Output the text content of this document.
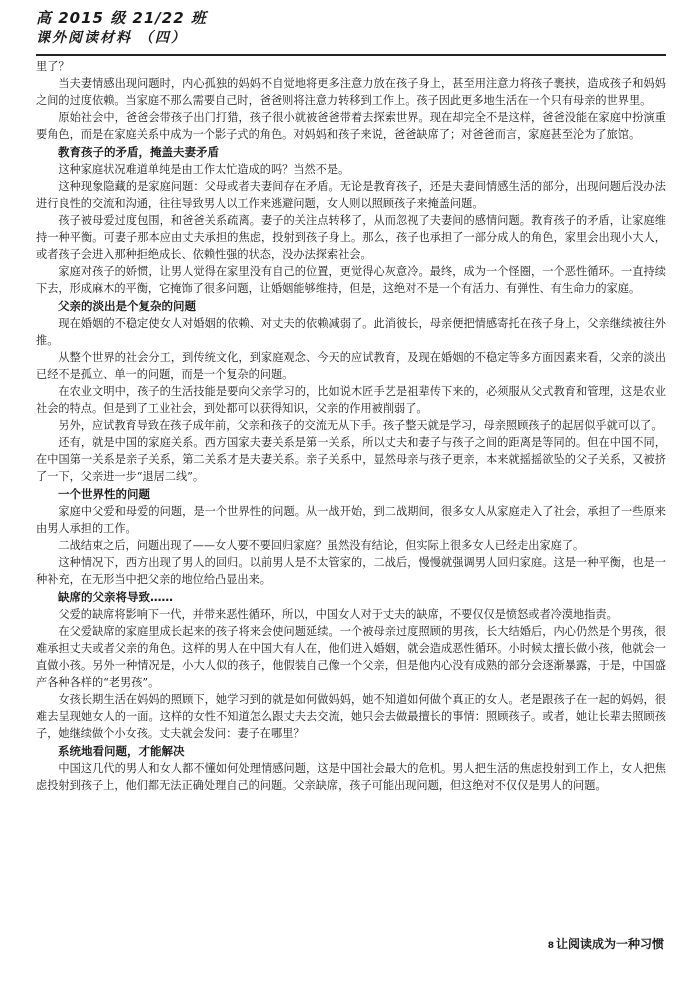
高 2015 级 21/22 班
课外阅读材料 （四）

里了？

当夫妻情感出现问题时，内心孤独的妈妈不自觉地将更多注意力放在孩子身上，甚至用注意力将孩子裹挟，造成孩子和妈妈之间的过度依赖。当家庭不那么需要自己时，爸爸则将注意力转移到工作上。孩子因此更多地生活在一个只有母亲的世界里。

原始社会中，爸爸会带孩子出门打猎，孩子很小就被爸爸带着去探索世界。现在却完全不是这样，爸爸没能在家庭中扮演重要角色，而是在家庭关系中成为一个影子式的角色。对妈妈和孩子来说，爸爸缺席了；对爸爸而言，家庭甚至沦为了旅馆。

教育孩子的矛盾，掩盖夫妻矛盾

这种家庭状况难道单纯是由工作太忙造成的吗？当然不是。

这种现象隐藏的是家庭问题：父母或者夫妻间存在矛盾。无论是教育孩子，还是夫妻间情感生活的部分，出现问题后没办法进行良性的交流和沟通，往往导致男人以工作来逃避问题，女人则以照顾孩子来掩盖问题。

孩子被母爱过度包围，和爸爸关系疏离。妻子的关注点转移了，从而忽视了夫妻间的感情问题。教育孩子的矛盾，让家庭维持一种平衡。可妻子那本应由丈夫承担的焦虑，投射到孩子身上。那么，孩子也承担了一部分成人的角色，家里会出现小大人，或者孩子会进入那种拒绝成长、依赖性强的状态，没办法探索社会。

家庭对孩子的娇惯，让男人觉得在家里没有自己的位置，更觉得心灰意冷。最终，成为一个怪圈，一个恶性循环。一直持续下去，形成麻木的平衡，它掩饰了很多问题，让婚姻能够维持，但是，这绝对不是一个有活力、有弹性、有生命力的家庭。

父亲的淡出是个复杂的问题

现在婚姻的不稳定使女人对婚姻的依赖、对丈夫的依赖减弱了。此消彼长，母亲便把情感寄托在孩子身上，父亲继续被往外推。

从整个世界的社会分工，到传统文化，到家庭观念、今天的应试教育，及现在婚姻的不稳定等多方面因素来看，父亲的淡出已经不是孤立、单一的问题，而是一个复杂的问题。

在农业文明中，孩子的生活技能是要向父亲学习的，比如说木匠手艺是祖辈传下来的，必须服从父式教育和管理，这是农业社会的特点。但是到了工业社会，到处都可以获得知识，父亲的作用被削弱了。

另外，应试教育导致在孩子成年前，父亲和孩子的交流无从下手。孩子整天就是学习，母亲照顾孩子的起居似乎就可以了。

还有，就是中国的家庭关系。西方国家夫妻关系是第一关系，所以丈夫和妻子与孩子之间的距离是等同的。但在中国不同，在中国第一关系是亲子关系，第二关系才是夫妻关系。亲子关系中，显然母亲与孩子更亲，本来就摇摇欲坠的父子关系，又被挤了一下，父亲进一步“退居二线”。

一个世界性的问题

家庭中父爱和母爱的问题，是一个世界性的问题。从一战开始，到二战期间，很多女人从家庭走入了社会，承担了一些原来由男人承担的工作。

二战结束之后，问题出现了——女人要不要回归家庭？虽然没有结论，但实际上很多女人已经走出家庭了。

这种情况下，西方出现了男人的回归。以前男人是不太管家的，二战后，慢慢就强调男人回归家庭。这是一种平衡，也是一种补充，在无形当中把父亲的地位给凸显出来。

缺席的父亲将导致……

父爱的缺席将影响下一代，并带来恶性循环，所以，中国女人对于丈夫的缺席，不要仅仅是愤怒或者冷漠地指责。

在父爱缺席的家庭里成长起来的孩子将来会使问题延续。一个被母亲过度照顾的男孩，长大结婚后，内心仍然是个男孩，很难承担丈夫或者父亲的角色。这样的男人在中国大有人在，他们进入婚姻，就会造成恶性循环。小时候太擅长做小孩，他就会一直做小孩。另外一种情况是，小大人似的孩子，他假装自己像一个父亲，但是他内心没有成熟的部分会逐渐暴露，于是，中国盛产各种各样的“老男孩”。

女孩长期生活在妈妈的照顾下，她学习到的就是如何做妈妈，她不知道如何做个真正的女人。老是跟孩子在一起的妈妈，很难去呈现她女人的一面。这样的女性不知道怎么跟丈夫去交流，她只会去做最擅长的事情：照顾孩子。或者，她让长辈去照顾孩子，她继续做个小女孩。丈夫就会发问：妻子在哪里？

系统地看问题，才能解决

中国这几代的男人和女人都不懂如何处理情感问题，这是中国社会最大的危机。男人把生活的焦虑投射到工作上，女人把焦虑投射到孩子上，他们都无法正确处理自己的问题。父亲缺席，孩子可能出现问题，但这绝对不仅仅是男人的问题。

8 让阅读成为一种习惯
